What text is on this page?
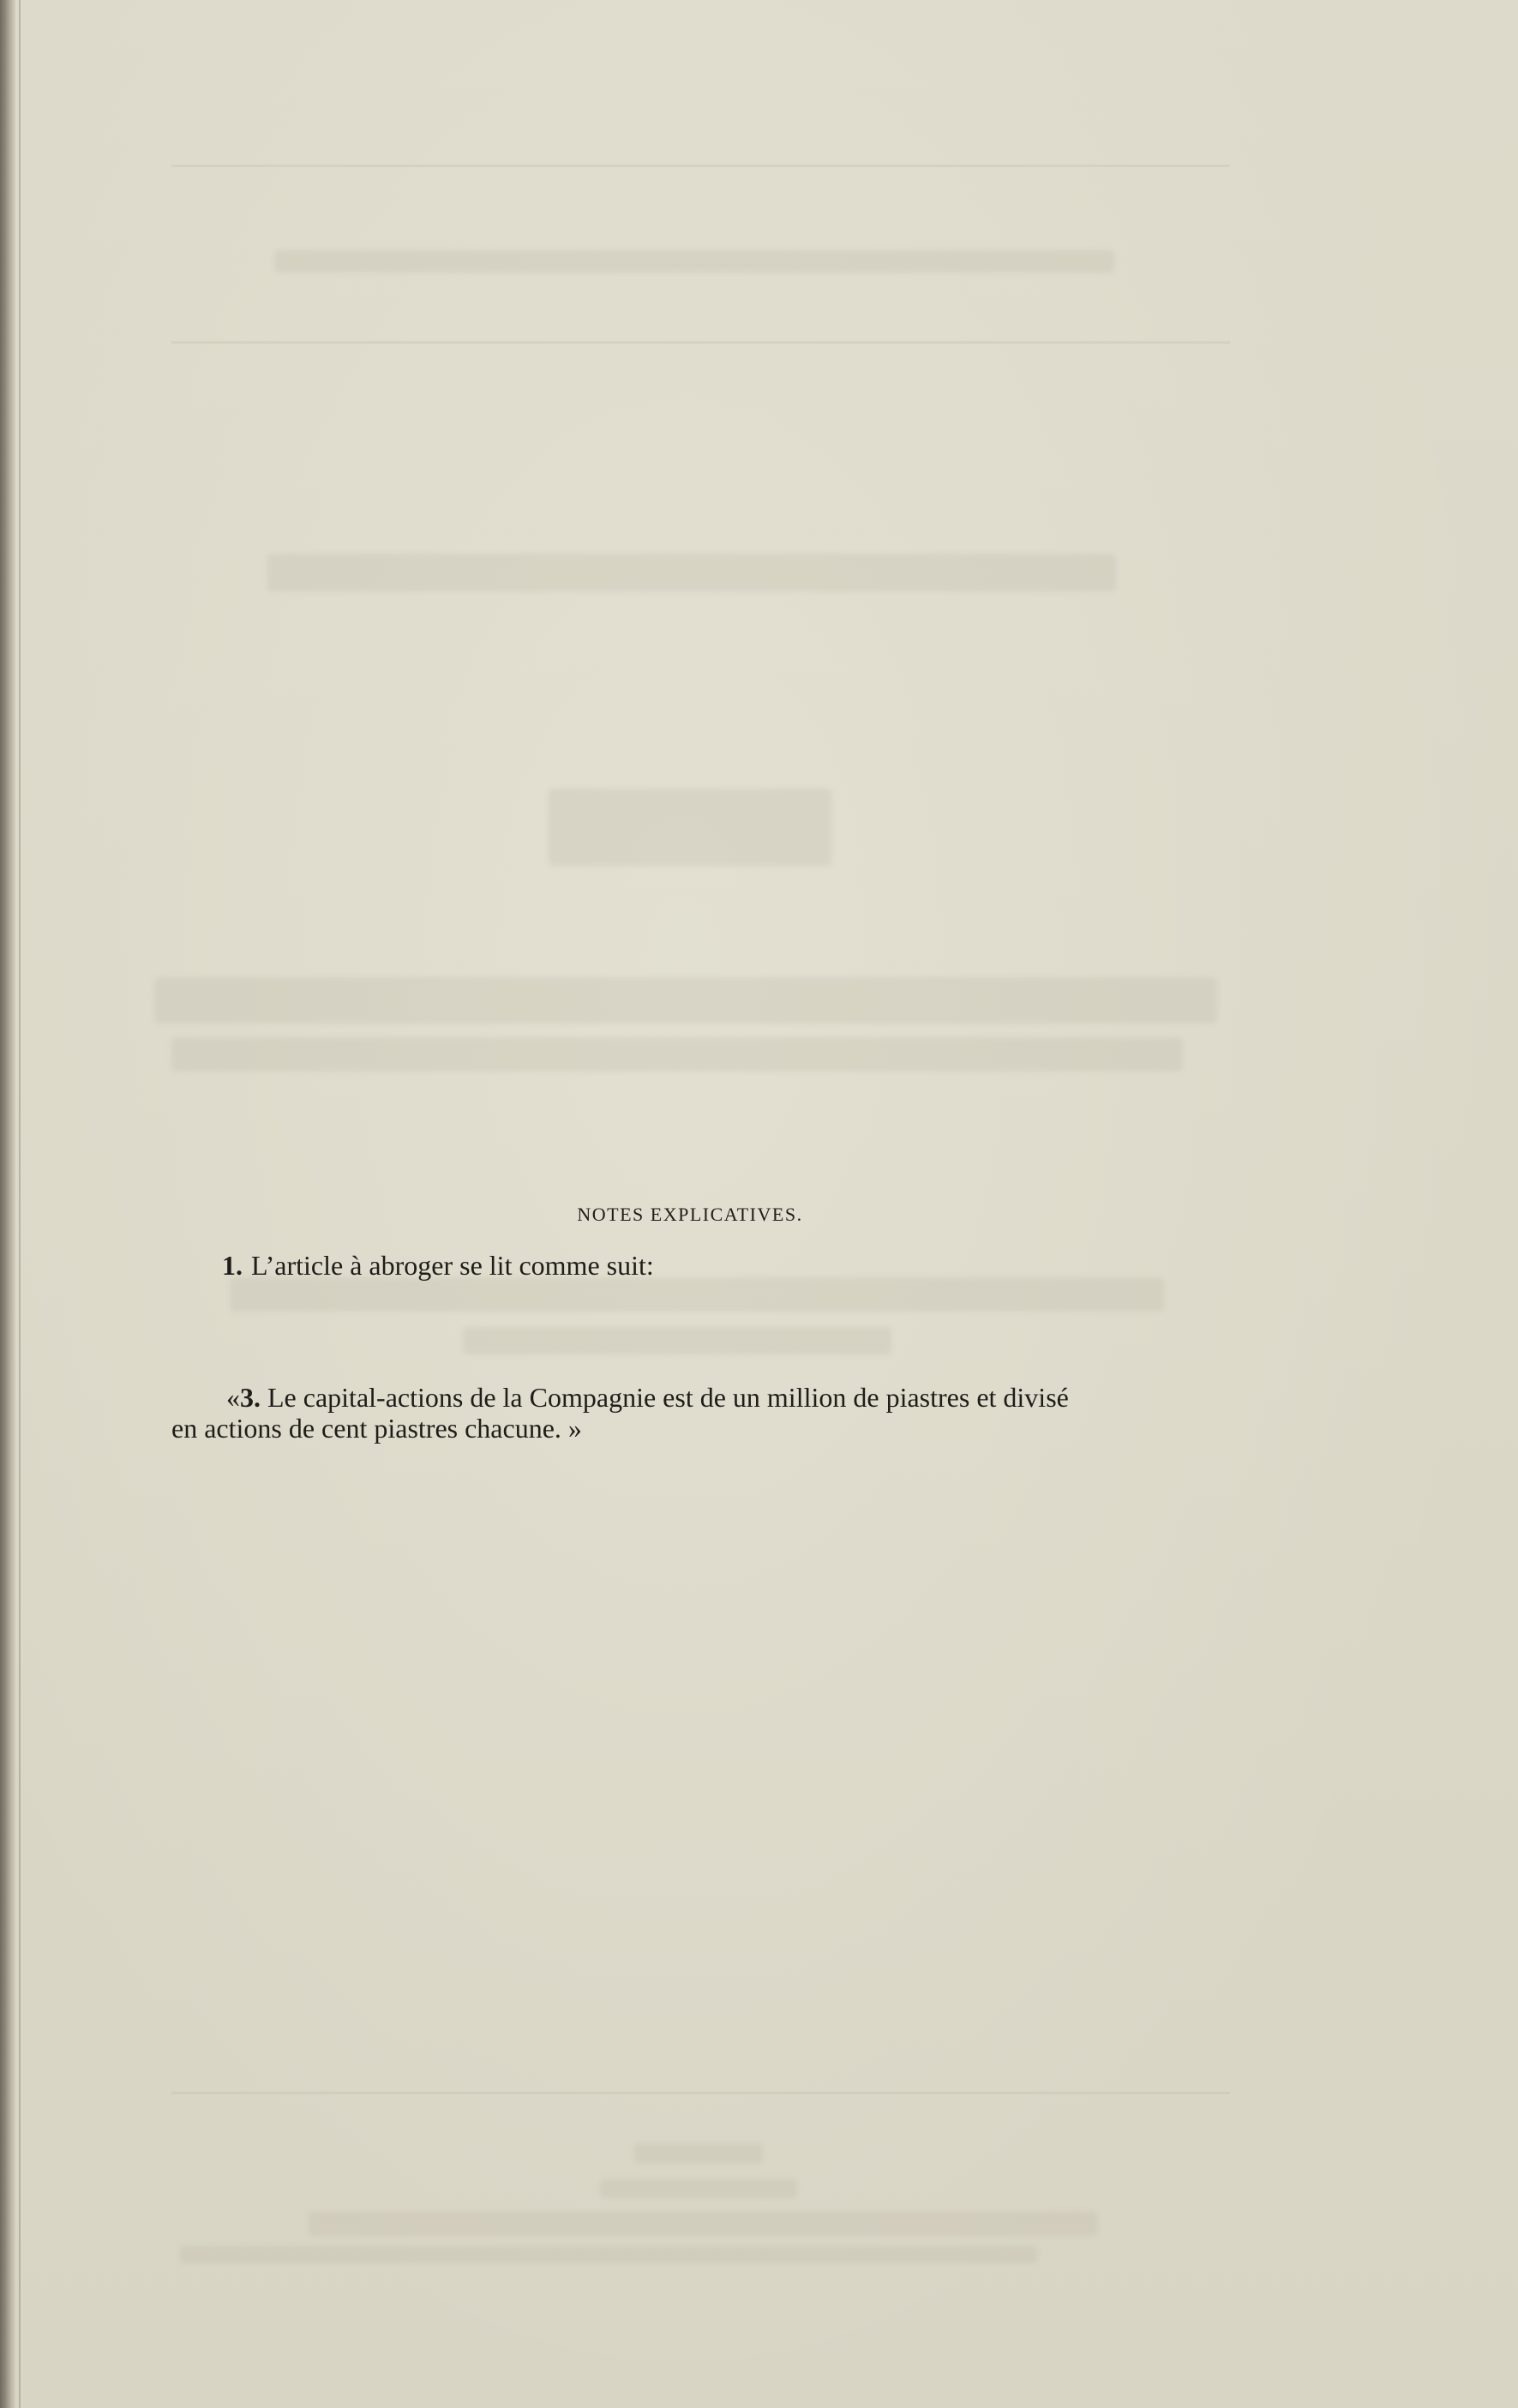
NOTES EXPLICATIVES.

1. L’article à abroger se lit comme suit:

«3. Le capital-actions de la Compagnie est de un million de piastres et divisé
en actions de cent piastres chacune. »
